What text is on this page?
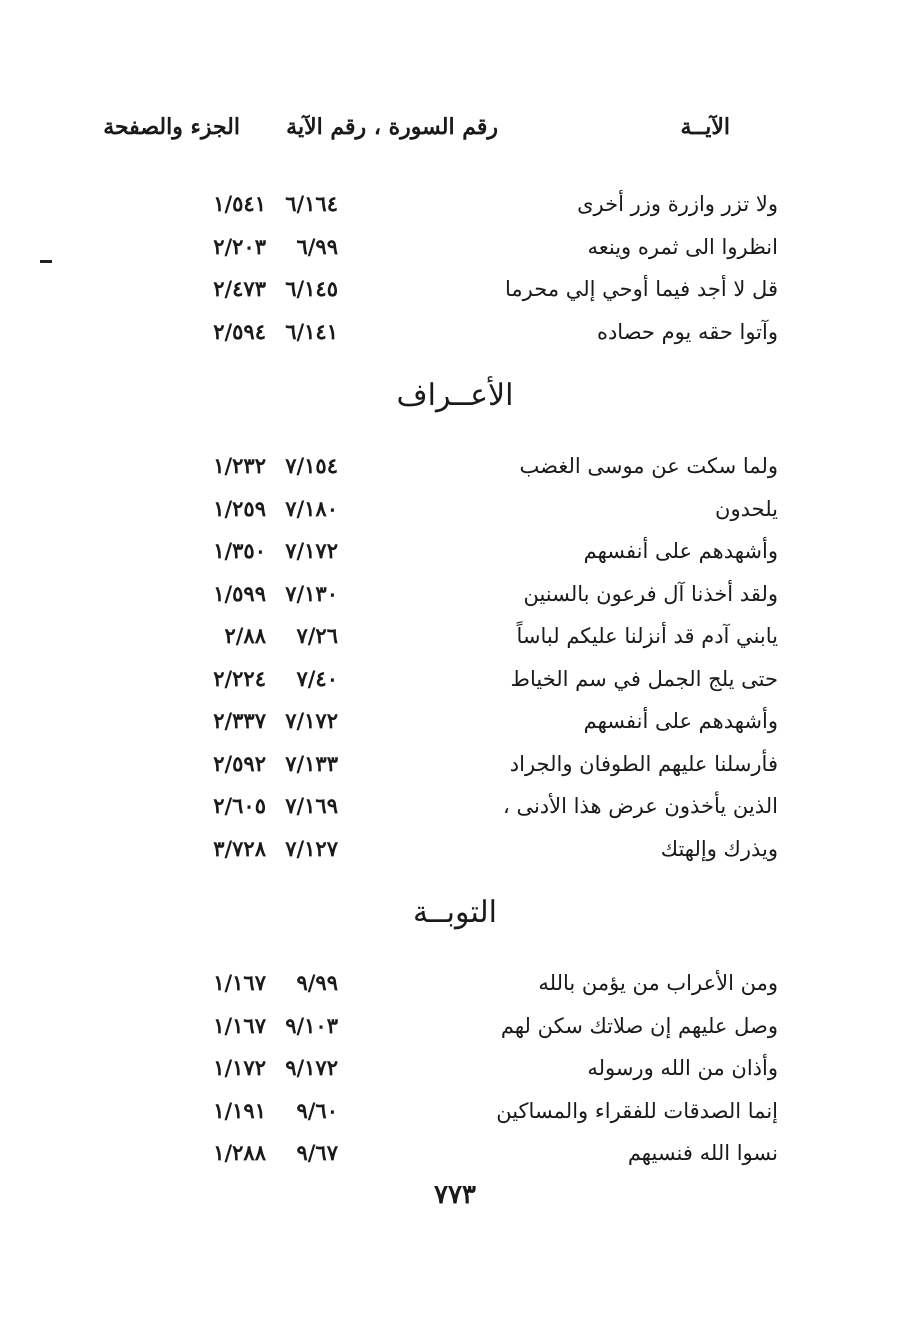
الآيــة
رقم السورة ، رقم الآية
الجزء والصفحة
ولا تزر وازرة وزر أخرى
٦/١٦٤
١/٥٤١
انظروا الى ثمره وينعه
٦/٩٩
٢/٢٠٣
قل لا أجد فيما أوحي إلي محرما
٦/١٤٥
٢/٤٧٣
وآتوا حقه يوم حصاده
٦/١٤١
٢/٥٩٤
الأعــراف
ولما سكت عن موسى الغضب
٧/١٥٤
١/٢٣٢
يلحدون
٧/١٨٠
١/٢٥٩
وأشهدهم على أنفسهم
٧/١٧٢
١/٣٥٠
ولقد أخذنا آل فرعون بالسنين
٧/١٣٠
١/٥٩٩
يابني آدم قد أنزلنا عليكم لباساً
٧/٢٦
٢/٨٨
حتى يلج الجمل في سم الخياط
٧/٤٠
٢/٢٢٤
وأشهدهم على أنفسهم
٧/١٧٢
٢/٣٣٧
فأرسلنا عليهم الطوفان والجراد
٧/١٣٣
٢/٥٩٢
الذين يأخذون عرض هذا الأدنى ،
٧/١٦٩
٢/٦٠٥
ويذرك وإلهتك
٧/١٢٧
٣/٧٢٨
التوبــة
ومن الأعراب من يؤمن بالله
٩/٩٩
١/١٦٧
وصل عليهم إن صلاتك سكن لهم
٩/١٠٣
١/١٦٧
وأذان من الله ورسوله
٩/١٧٢
١/١٧٢
إنما الصدقات للفقراء والمساكين
٩/٦٠
١/١٩١
نسوا الله فنسيهم
٩/٦٧
١/٢٨٨
٧٧٣
